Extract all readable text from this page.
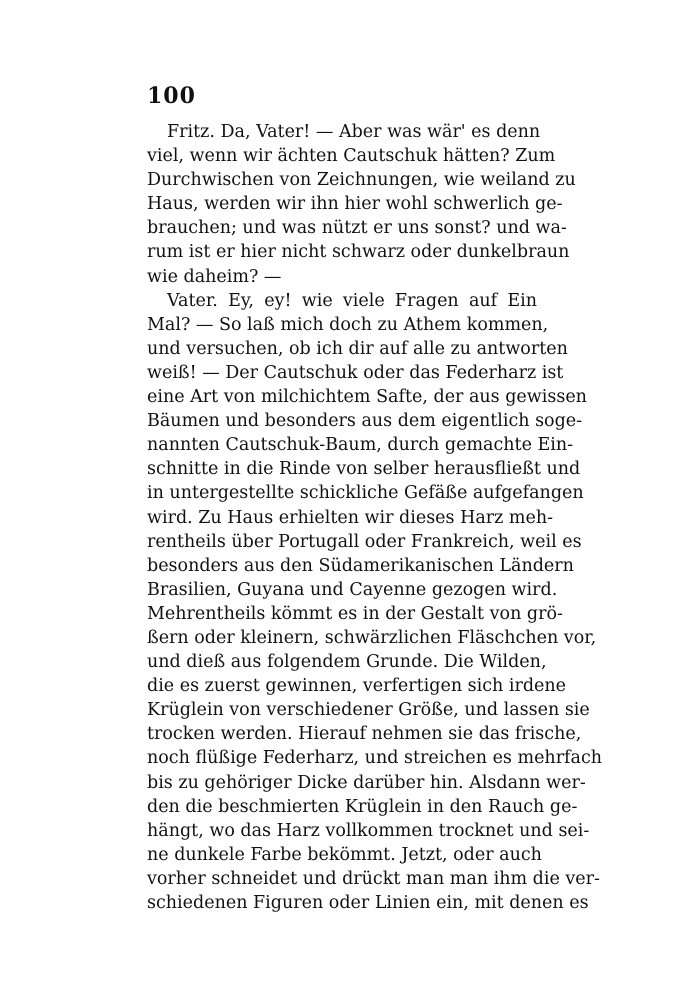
100
Fritz. Da, Vater! — Aber was wär' es denn
viel, wenn wir ächten Cautschuk hätten? Zum
Durchwischen von Zeichnungen, wie weiland zu
Haus, werden wir ihn hier wohl schwerlich ge-
brauchen; und was nützt er uns sonst? und wa-
rum ist er hier nicht schwarz oder dunkelbraun
wie daheim? —
Vater. Ey, ey! wie viele Fragen auf Ein
Mal? — So laß mich doch zu Athem kommen,
und versuchen, ob ich dir auf alle zu antworten
weiß! — Der Cautschuk oder das Federharz ist
eine Art von milchichtem Safte, der aus gewissen
Bäumen und besonders aus dem eigentlich soge-
nannten Cautschuk-Baum, durch gemachte Ein-
schnitte in die Rinde von selber herausfließt und
in untergestellte schickliche Gefäße aufgefangen
wird. Zu Haus erhielten wir dieses Harz meh-
rentheils über Portugall oder Frankreich, weil es
besonders aus den Südamerikanischen Ländern
Brasilien, Guyana und Cayenne gezogen wird.
Mehrentheils kömmt es in der Gestalt von grö-
ßern oder kleinern, schwärzlichen Fläschchen vor,
und dieß aus folgendem Grunde. Die Wilden,
die es zuerst gewinnen, verfertigen sich irdene
Krüglein von verschiedener Größe, und lassen sie
trocken werden. Hierauf nehmen sie das frische,
noch flüßige Federharz, und streichen es mehrfach
bis zu gehöriger Dicke darüber hin. Alsdann wer-
den die beschmierten Krüglein in den Rauch ge-
hängt, wo das Harz vollkommen trocknet und sei-
ne dunkele Farbe bekömmt. Jetzt, oder auch
vorher schneidet und drückt man man ihm die ver-
schiedenen Figuren oder Linien ein, mit denen es
